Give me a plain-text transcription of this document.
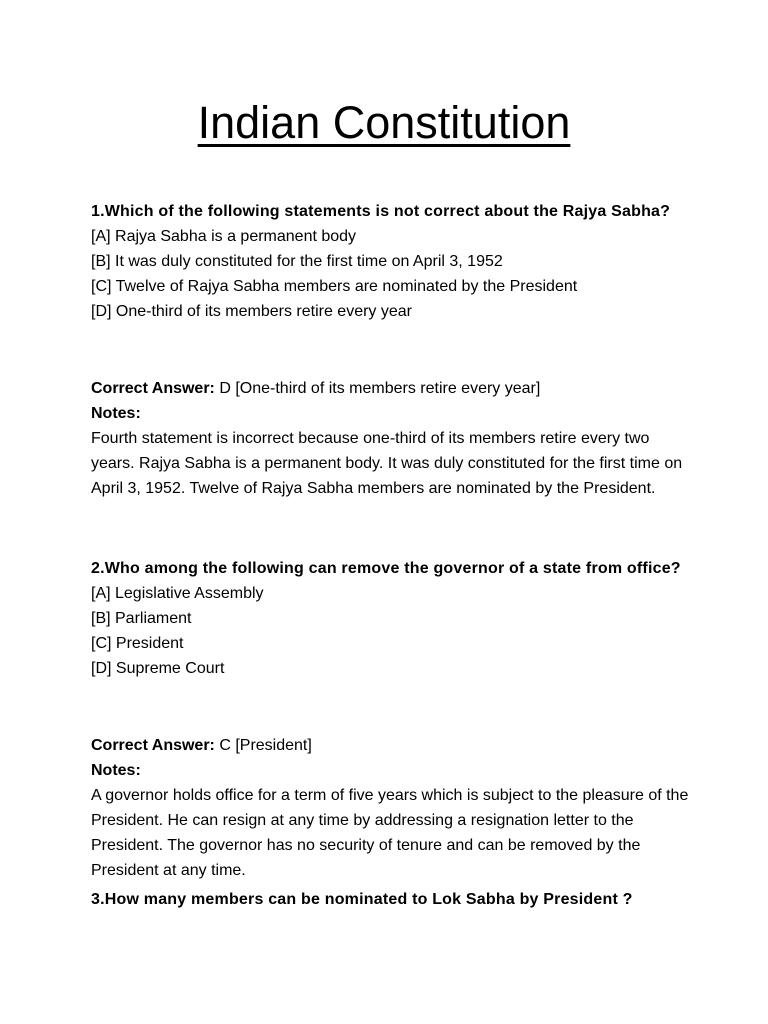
Indian Constitution
1.Which of the following statements is not correct about the Rajya Sabha?
[A] Rajya Sabha is a permanent body
[B] It was duly constituted for the first time on April 3, 1952
[C] Twelve of Rajya Sabha members are nominated by the President
[D] One-third of its members retire every year
Correct Answer: D [One-third of its members retire every year]
Notes:
Fourth statement is incorrect because one-third of its members retire every two years. Rajya Sabha is a permanent body. It was duly constituted for the first time on April 3, 1952. Twelve of Rajya Sabha members are nominated by the President.
2.Who among the following can remove the governor of a state from office?
[A] Legislative Assembly
[B] Parliament
[C] President
[D] Supreme Court
Correct Answer: C [President]
Notes:
A governor holds office for a term of five years which is subject to the pleasure of the President. He can resign at any time by addressing a resignation letter to the President. The governor has no security of tenure and can be removed by the President at any time.
3.How many members can be nominated to Lok Sabha by President ?
